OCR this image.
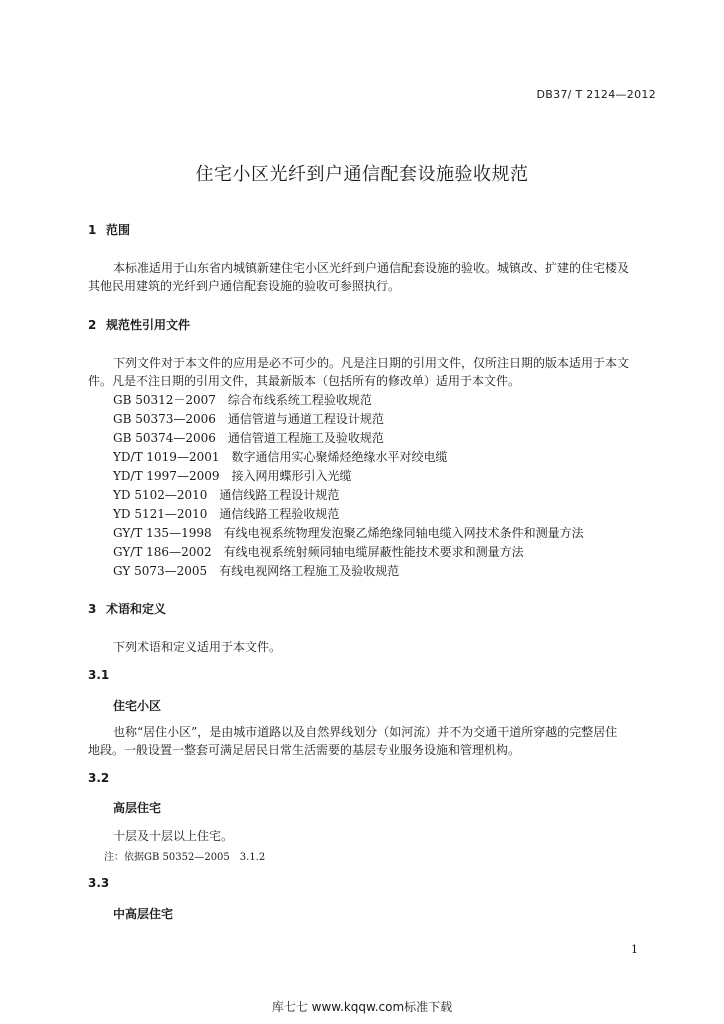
DB37/ T 2124—2012
住宅小区光纤到户通信配套设施验收规范
1 范围
本标准适用于山东省内城镇新建住宅小区光纤到户通信配套设施的验收。城镇改、扩建的住宅楼及
其他民用建筑的光纤到户通信配套设施的验收可参照执行。
2 规范性引用文件
下列文件对于本文件的应用是必不可少的。凡是注日期的引用文件，仅所注日期的版本适用于本文
件。凡是不注日期的引用文件，其最新版本（包括所有的修改单）适用于本文件。
GB 50312－2007　综合布线系统工程验收规范
GB 50373—2006　通信管道与通道工程设计规范
GB 50374—2006　通信管道工程施工及验收规范
YD/T 1019—2001　数字通信用实心聚烯烃绝缘水平对绞电缆
YD/T 1997—2009　接入网用蝶形引入光缆
YD 5102—2010　通信线路工程设计规范
YD 5121—2010　通信线路工程验收规范
GY/T 135—1998　有线电视系统物理发泡聚乙烯绝缘同轴电缆入网技术条件和测量方法
GY/T 186—2002　有线电视系统射频同轴电缆屏蔽性能技术要求和测量方法
GY 5073—2005　有线电视网络工程施工及验收规范
3 术语和定义
下列术语和定义适用于本文件。
3.1
住宅小区
也称“居住小区”，是由城市道路以及自然界线划分（如河流）并不为交通干道所穿越的完整居住
地段。一般设置一整套可满足居民日常生活需要的基层专业服务设施和管理机构。
3.2
高层住宅
十层及十层以上住宅。
注：依据GB 50352—2005　3.1.2
3.3
中高层住宅
1
库七七 www.kqqw.com标准下载
